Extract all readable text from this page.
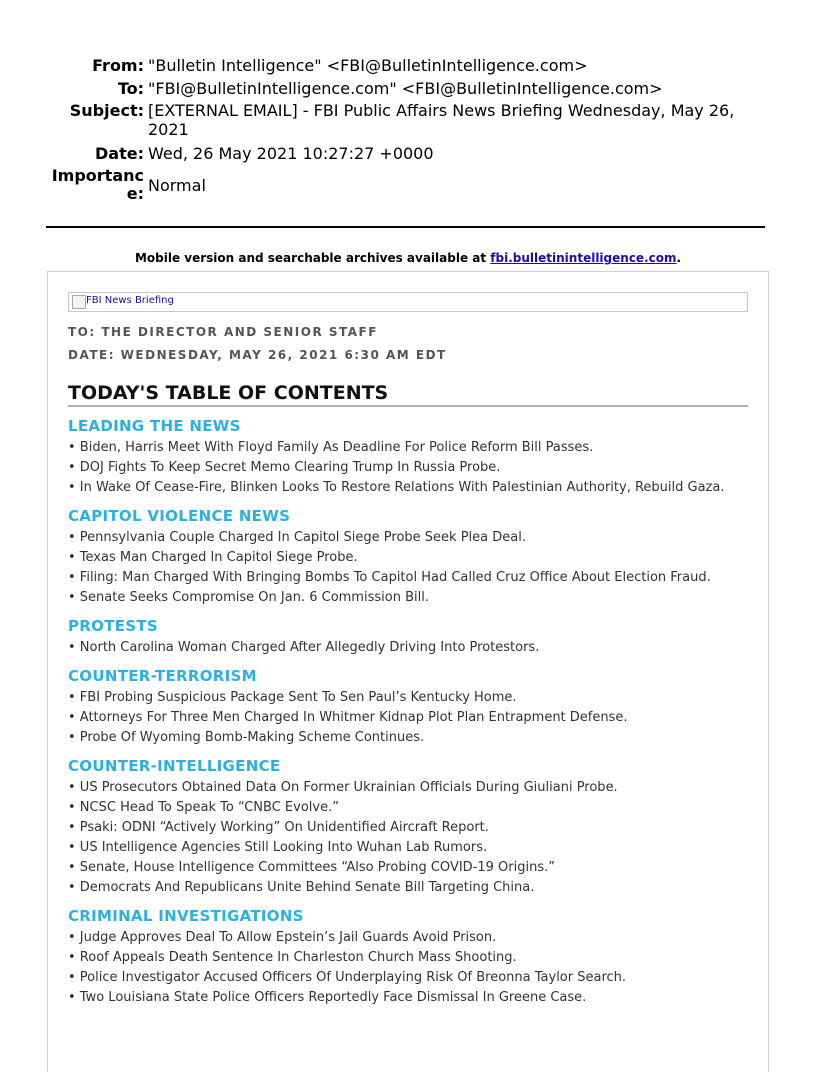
From: "Bulletin Intelligence" <FBI@BulletinIntelligence.com>
To: "FBI@BulletinIntelligence.com" <FBI@BulletinIntelligence.com>
Subject: [EXTERNAL EMAIL] - FBI Public Affairs News Briefing Wednesday, May 26, 2021
Date: Wed, 26 May 2021 10:27:27 +0000
Importanc
e: Normal
Mobile version and searchable archives available at fbi.bulletinintelligence.com.
FBI News Briefing
TO: THE DIRECTOR AND SENIOR STAFF
DATE: WEDNESDAY, MAY 26, 2021 6:30 AM EDT
TODAY'S TABLE OF CONTENTS
LEADING THE NEWS
• Biden, Harris Meet With Floyd Family As Deadline For Police Reform Bill Passes.
• DOJ Fights To Keep Secret Memo Clearing Trump In Russia Probe.
• In Wake Of Cease-Fire, Blinken Looks To Restore Relations With Palestinian Authority, Rebuild Gaza.
CAPITOL VIOLENCE NEWS
• Pennsylvania Couple Charged In Capitol Siege Probe Seek Plea Deal.
• Texas Man Charged In Capitol Siege Probe.
• Filing: Man Charged With Bringing Bombs To Capitol Had Called Cruz Office About Election Fraud.
• Senate Seeks Compromise On Jan. 6 Commission Bill.
PROTESTS
• North Carolina Woman Charged After Allegedly Driving Into Protestors.
COUNTER-TERRORISM
• FBI Probing Suspicious Package Sent To Sen Paul’s Kentucky Home.
• Attorneys For Three Men Charged In Whitmer Kidnap Plot Plan Entrapment Defense.
• Probe Of Wyoming Bomb-Making Scheme Continues.
COUNTER-INTELLIGENCE
• US Prosecutors Obtained Data On Former Ukrainian Officials During Giuliani Probe.
• NCSC Head To Speak To “CNBC Evolve.”
• Psaki: ODNI “Actively Working” On Unidentified Aircraft Report.
• US Intelligence Agencies Still Looking Into Wuhan Lab Rumors.
• Senate, House Intelligence Committees “Also Probing COVID-19 Origins.”
• Democrats And Republicans Unite Behind Senate Bill Targeting China.
CRIMINAL INVESTIGATIONS
• Judge Approves Deal To Allow Epstein’s Jail Guards Avoid Prison.
• Roof Appeals Death Sentence In Charleston Church Mass Shooting.
• Police Investigator Accused Officers Of Underplaying Risk Of Breonna Taylor Search.
• Two Louisiana State Police Officers Reportedly Face Dismissal In Greene Case.
